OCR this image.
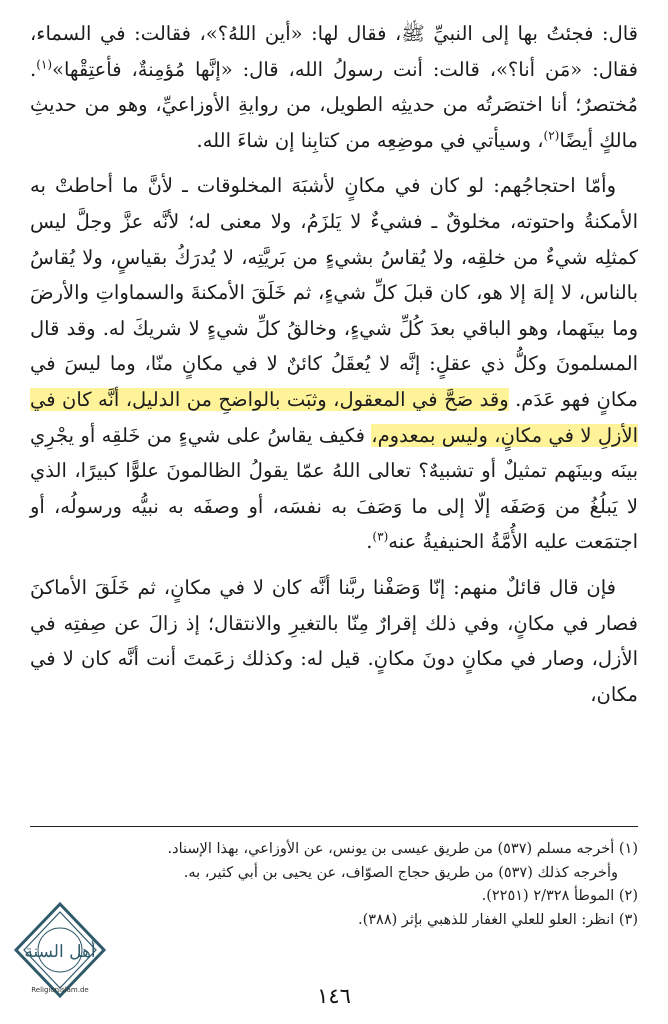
قال: فجئتُ بها إلى النبيِّ ﷺ، فقال لها: «أين اللهُ؟»، فقالت: في السماء، فقال: «مَن أنا؟»، قالت: أنت رسولُ الله، قال: «إنَّها مُؤمِنةٌ، فأعتِقْها»$^{(١)}$. مُختصرٌ؛ أنا اختصَرتُه من حديثِه الطويل، من روايةِ الأوزاعيِّ، وهو من حديثِ مالكٍ أيضًا$^{(٢)}$، وسيأتي في موضِعِه من كتابِنا إن شاءَ الله.

وأمّا احتجاجُهم: لو كان في مكانٍ لأشبَهَ المخلوقات ـ لأنَّ ما أحاطتْ به الأمكنةُ واحتوته، مخلوقٌ ـ فشيءٌ لا يَلزَمُ، ولا معنى له؛ لأنَّه عزَّ وجلَّ ليس كمثلِه شيءٌ من خلقِه، ولا يُقاسُ بشيءٍ من بَريَّتِه، لا يُدرَكُ بقياسٍ، ولا يُقاسُ بالناس، لا إلهَ إلا هو، كان قبلَ كلِّ شيءٍ، ثم خَلَقَ الأمكنةَ والسماواتِ والأرضَ وما بينَهما، وهو الباقي بعدَ كُلِّ شيءٍ، وخالقُ كلِّ شيءٍ لا شريكَ له. وقد قال المسلمونَ وكلُّ ذي عقلٍ: إنَّه لا يُعقَلُ كائنٌ لا في مكانٍ منّا، وما ليسَ في مكانٍ فهو عَدَم. وقد صَحَّ في المعقول، وثبَت بالواضحِ من الدليل، أنَّه كان في الأزلِ لا في مكانٍ، وليس بمعدوم، فكيف يقاسُ على شيءٍ من خَلقِه أو يجْرِي بينَه وبينَهم تمثيلٌ أو تشبيهٌ؟ تعالى اللهُ عمّا يقولُ الظالمونَ علوًّا كبيرًا، الذي لا يَبلُغُ من وَصَفَه إلّا إلى ما وَصَفَ به نفسَه، أو وصفَه به نبيُّه ورسولُه، أو اجتمَعت عليه الأُمَّةُ الحنيفيةُ عنه$^{(٣)}$.

فإن قال قائلٌ منهم: إنّا وَصَفْنا ربَّنا أنَّه كان لا في مكانٍ، ثم خَلَقَ الأماكنَ فصار في مكانٍ، وفي ذلك إقرارٌ مِنّا بالتغيرِ والانتقال؛ إذ زالَ عن صِفتِه في الأزل، وصار في مكانٍ دونَ مكانٍ. قيل له: وكذلك زعَمتَ أنت أنَّه كان لا في مكان،

(١) أخرجه مسلم (٥٣٧) من طريق عيسى بن يونس، عن الأوزاعي، بهذا الإسناد.
وأخرجه كذلك (٥٣٧) من طريق حجاج الصوّاف، عن يحيى بن أبي كثير، به.
(٢) الموطأ ٢/٣٢٨ (٢٢٥١).
(٣) انظر: العلو للعلي الغفار للذهبي بإثر (٣٨٨).
أهل السنة
Religionislam.de	١٤٦
